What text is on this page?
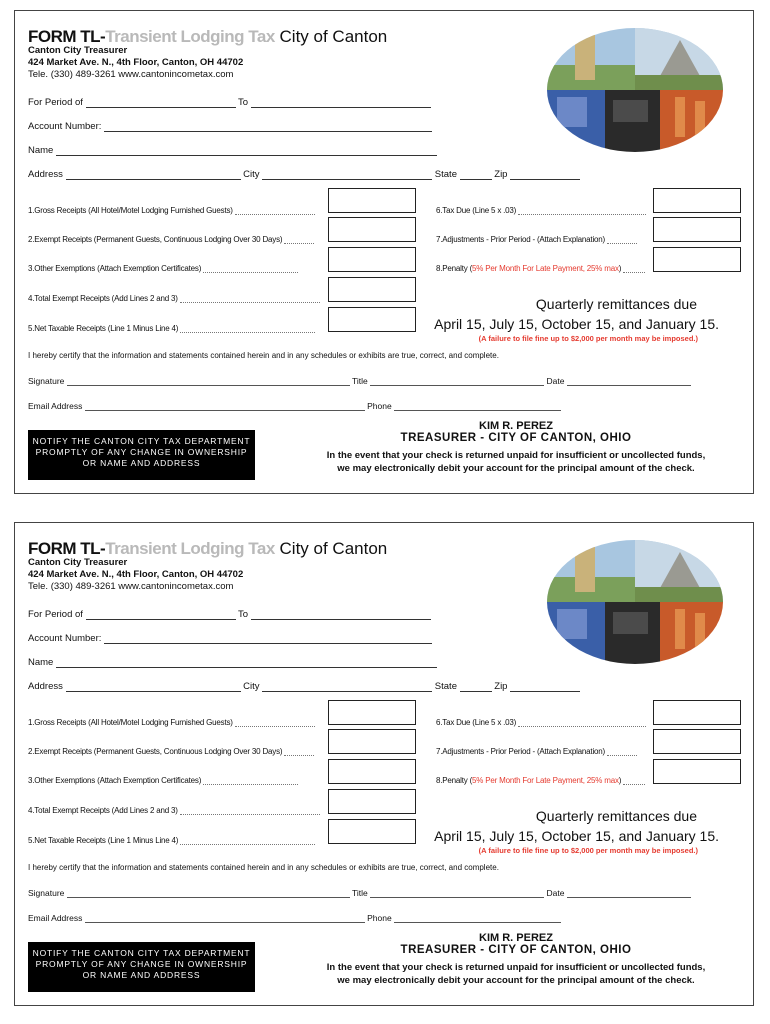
FORM TL-Transient Lodging Tax City of Canton
Canton City Treasurer
424 Market Ave. N., 4th Floor, Canton, OH 44702
Tele. (330) 489-3261 www.cantonincometax.com
For Period of	To
Account Number:
Name
Address	City	State	Zip
1.Gross Receipts (All Hotel/Motel Lodging Furnished Guests)
2.Exempt Receipts (Permanent Guests, Continuous Lodging Over 30 Days)
3.Other Exemptions (Attach Exemption Certificates)
4.Total Exempt Receipts (Add Lines 2 and 3)
5.Net Taxable Receipts (Line 1 Minus Line 4)
6.Tax Due (Line 5 x .03)
7.Adjustments - Prior Period - (Attach Explanation)
8.Penalty (5% Per Month For Late Payment, 25% max)
Quarterly remittances due
April 15, July 15, October 15, and January 15.
(A failure to file fine up to $2,000 per month may be imposed.)
I hereby certify that the information and statements contained herein and in any schedules or exhibits are true, correct, and complete.
Signature	Title	Date
Email Address	Phone
NOTIFY THE CANTON CITY TAX DEPARTMENT PROMPTLY OF ANY CHANGE IN OWNERSHIP OR NAME AND ADDRESS
KIM R. PEREZ
TREASURER - CITY OF CANTON, OHIO
In the event that your check is returned unpaid for insufficient or uncollected funds,
we may electronically debit your account for the principal amount of the check.
FORM TL-Transient Lodging Tax City of Canton
Canton City Treasurer
424 Market Ave. N., 4th Floor, Canton, OH 44702
Tele. (330) 489-3261 www.cantonincometax.com
For Period of	To
Account Number:
Name
Address	City	State	Zip
1.Gross Receipts (All Hotel/Motel Lodging Furnished Guests)
2.Exempt Receipts (Permanent Guests, Continuous Lodging Over 30 Days)
3.Other Exemptions (Attach Exemption Certificates)
4.Total Exempt Receipts (Add Lines 2 and 3)
5.Net Taxable Receipts (Line 1 Minus Line 4)
6.Tax Due (Line 5 x .03)
7.Adjustments - Prior Period - (Attach Explanation)
8.Penalty (5% Per Month For Late Payment, 25% max)
Quarterly remittances due
April 15, July 15, October 15, and January 15.
(A failure to file fine up to $2,000 per month may be imposed.)
I hereby certify that the information and statements contained herein and in any schedules or exhibits are true, correct, and complete.
Signature	Title	Date
Email Address	Phone
NOTIFY THE CANTON CITY TAX DEPARTMENT PROMPTLY OF ANY CHANGE IN OWNERSHIP OR NAME AND ADDRESS
KIM R. PEREZ
TREASURER - CITY OF CANTON, OHIO
In the event that your check is returned unpaid for insufficient or uncollected funds,
we may electronically debit your account for the principal amount of the check.
